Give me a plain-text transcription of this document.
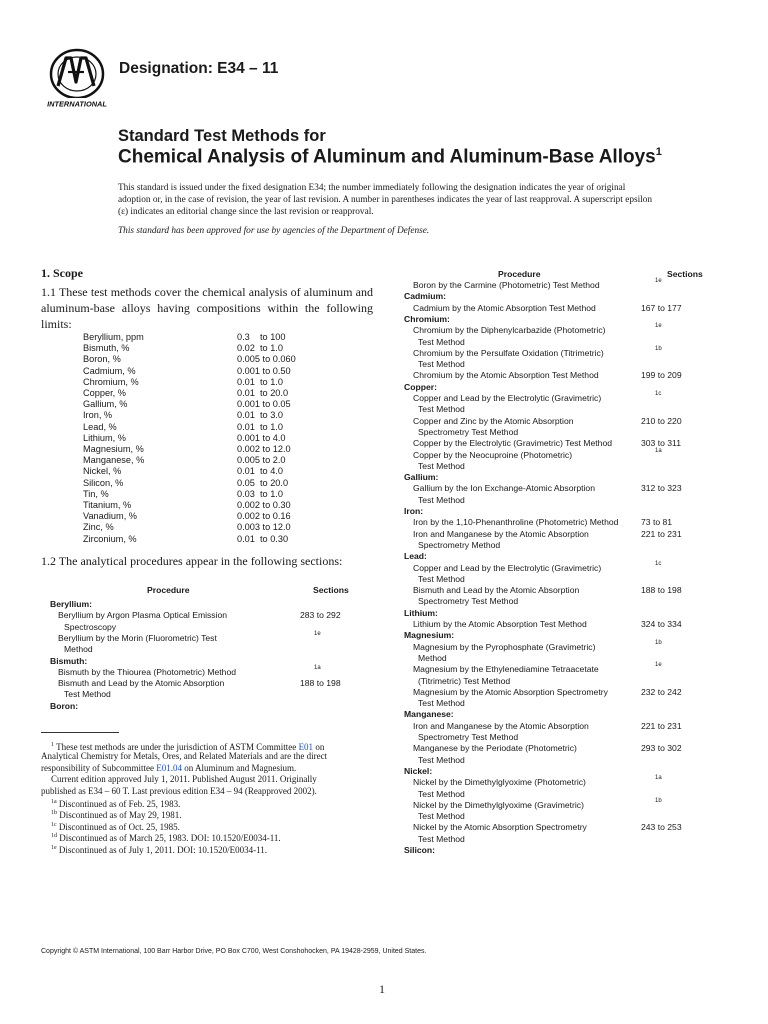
INTERNATIONAL
Designation: E34 – 11
Standard Test Methods for
Chemical Analysis of Aluminum and Aluminum-Base Alloys$^1$
This standard is issued under the fixed designation E34; the number immediately following the designation indicates the year of original adoption or, in the case of revision, the year of last revision. A number in parentheses indicates the year of last reapproval. A superscript epsilon (ε) indicates an editorial change since the last revision or reapproval.
This standard has been approved for use by agencies of the Department of Defense.
1. Scope
1.1 These test methods cover the chemical analysis of aluminum and aluminum-base alloys having compositions within the following limits:
Beryllium, ppm	0.3    to 100
Bismuth, %	0.02  to 1.0
Boron, %	0.005 to 0.060
Cadmium, %	0.001 to 0.50
Chromium, %	0.01  to 1.0
Copper, %	0.01  to 20.0
Gallium, %	0.001 to 0.05
Iron, %	0.01  to 3.0
Lead, %	0.01  to 1.0
Lithium, %	0.001 to 4.0
Magnesium, %	0.002 to 12.0
Manganese, %	0.005 to 2.0
Nickel, %	0.01  to 4.0
Silicon, %	0.05  to 20.0
Tin, %	0.03  to 1.0
Titanium, %	0.002 to 0.30
Vanadium, %	0.002 to 0.16
Zinc, %	0.003 to 12.0
Zirconium, %	0.01  to 0.30
1.2 The analytical procedures appear in the following sections:
Procedure	Sections
Beryllium:
Beryllium by Argon Plasma Optical Emission	283 to 292
Spectroscopy
Beryllium by the Morin (Fluorometric) Test	1e
Method
Bismuth:
Bismuth by the Thiourea (Photometric) Method	1a
Bismuth and Lead by the Atomic Absorption	188 to 198
Test Method
Boron:
Procedure	Sections
Boron by the Carmine (Photometric) Test Method	1e
Cadmium:
Cadmium by the Atomic Absorption Test Method	167 to 177
Chromium:
Chromium by the Diphenylcarbazide (Photometric)	1e
Test Method
Chromium by the Persulfate Oxidation (Titrimetric)	1b
Test Method
Chromium by the Atomic Absorption Test Method	199 to 209
Copper:
Copper and Lead by the Electrolytic (Gravimetric)	1c
Test Method
Copper and Zinc by the Atomic Absorption	210 to 220
Spectrometry Test Method
Copper by the Electrolytic (Gravimetric) Test Method	303 to 311
Copper by the Neocuproine (Photometric)	1a
Test Method
Gallium:
Gallium by the Ion Exchange-Atomic Absorption	312 to 323
Test Method
Iron:
Iron by the 1,10-Phenanthroline (Photometric) Method	73 to 81
Iron and Manganese by the Atomic Absorption	221 to 231
Spectrometry Method
Lead:
Copper and Lead by the Electrolytic (Gravimetric)	1c
Test Method
Bismuth and Lead by the Atomic Absorption	188 to 198
Spectrometry Test Method
Lithium:
Lithium by the Atomic Absorption Test Method	324 to 334
Magnesium:
Magnesium by the Pyrophosphate (Gravimetric)	1b
Method
Magnesium by the Ethylenediamine Tetraacetate	1e
(Titrimetric) Test Method
Magnesium by the Atomic Absorption Spectrometry	232 to 242
Test Method
Manganese:
Iron and Manganese by the Atomic Absorption	221 to 231
Spectrometry Test Method
Manganese by the Periodate (Photometric)	293 to 302
Test Method
Nickel:
Nickel by the Dimethylglyoxime (Photometric)	1a
Test Method
Nickel by the Dimethylglyoxime (Gravimetric)	1b
Test Method
Nickel by the Atomic Absorption Spectrometry	243 to 253
Test Method
Silicon:
$^1$ These test methods are under the jurisdiction of ASTM Committee E01 on
Analytical Chemistry for Metals, Ores, and Related Materials and are the direct
responsibility of Subcommittee E01.04 on Aluminum and Magnesium.
Current edition approved July 1, 2011. Published August 2011. Originally
published as E34 – 60 T. Last previous edition E34 – 94 (Reapproved 2002).
$^{1a}$ Discontinued as of Feb. 25, 1983.
$^{1b}$ Discontinued as of May 29, 1981.
$^{1c}$ Discontinued as of Oct. 25, 1985.
$^{1d}$ Discontinued as of March 25, 1983. DOI: 10.1520/E0034-11.
$^{1e}$ Discontinued as of July 1, 2011. DOI: 10.1520/E0034-11.
Copyright © ASTM International, 100 Barr Harbor Drive, PO Box C700, West Conshohocken, PA 19428-2959, United States.
1
